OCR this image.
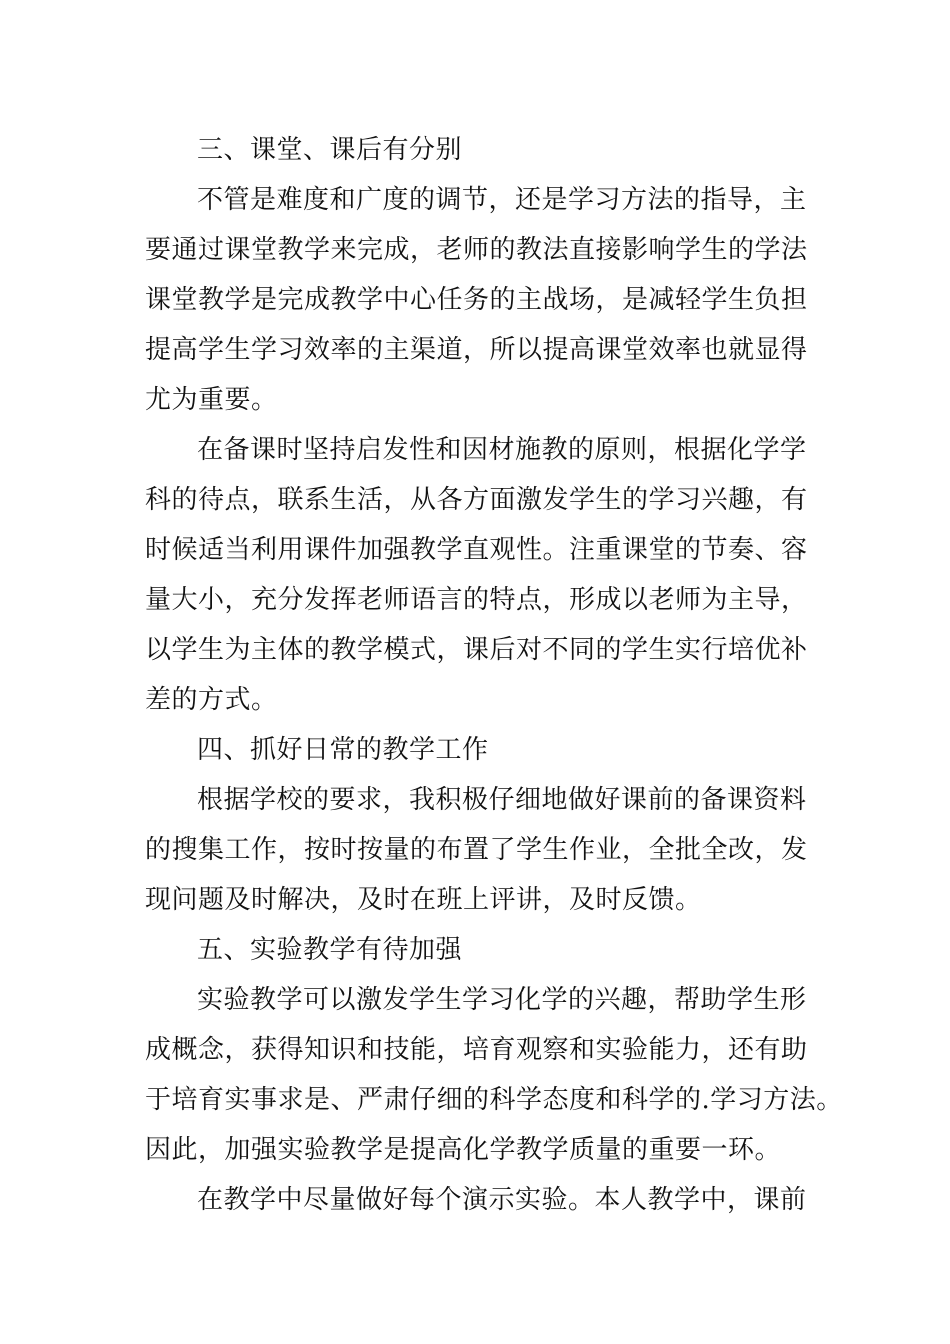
三、课堂、课后有分别
不管是难度和广度的调节，还是学习方法的指导，主
要通过课堂教学来完成，老师的教法直接影响学生的学法
课堂教学是完成教学中心任务的主战场，是减轻学生负担
提高学生学习效率的主渠道，所以提高课堂效率也就显得
尤为重要。
在备课时坚持启发性和因材施教的原则，根据化学学
科的待点，联系生活，从各方面激发学生的学习兴趣，有
时候适当利用课件加强教学直观性。注重课堂的节奏、容
量大小，充分发挥老师语言的特点，形成以老师为主导，
以学生为主体的教学模式，课后对不同的学生实行培优补
差的方式。
四、抓好日常的教学工作
根据学校的要求，我积极仔细地做好课前的备课资料
的搜集工作，按时按量的布置了学生作业，全批全改，发
现问题及时解决，及时在班上评讲，及时反馈。
五、实验教学有待加强
实验教学可以激发学生学习化学的兴趣，帮助学生形
成概念，获得知识和技能，培育观察和实验能力，还有助
于培育实事求是、严肃仔细的科学态度和科学的.学习方法。
因此，加强实验教学是提高化学教学质量的重要一环。
在教学中尽量做好每个演示实验。本人教学中，课前
